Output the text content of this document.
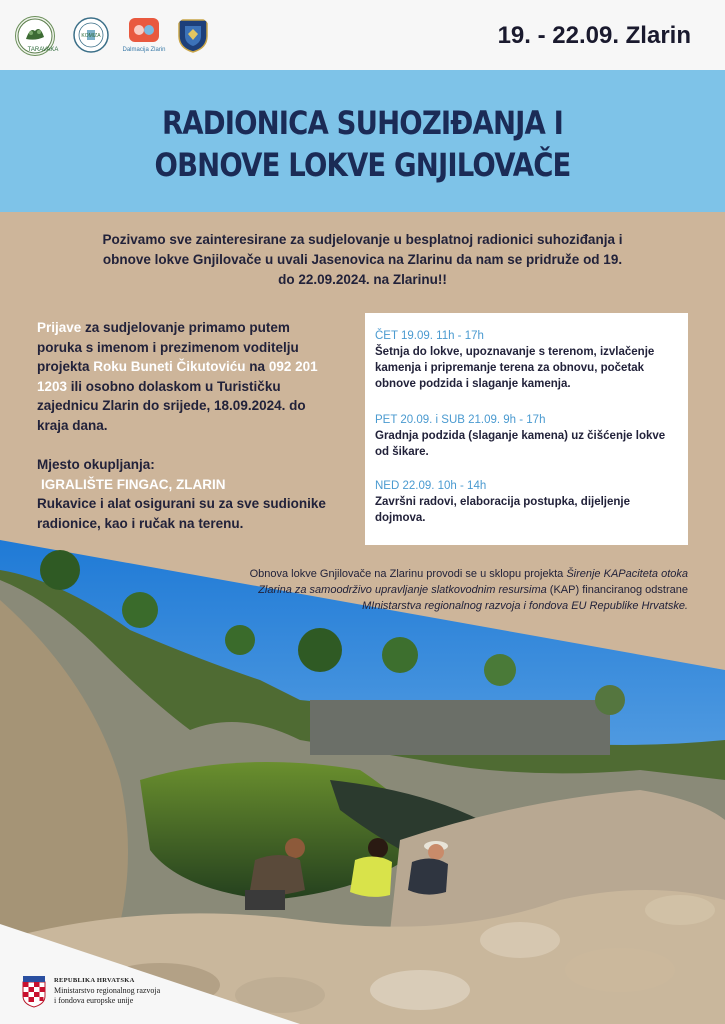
TARAVAKA
KOMIZA
Dalmacija Zlarin
19. - 22.09. Zlarin
RADIONICA SUHOZIĐANJA I
OBNOVE LOKVE GNJILOVAČE
Pozivamo sve zainteresirane za sudjelovanje u besplatnoj radionici suhoziđanja i obnove lokve Gnjilovače u uvali Jasenovica na Zlarinu da nam se pridruže od 19. do 22.09.2024. na Zlarinu!!
Prijave za sudjelovanje primamo putem poruka s imenom i prezimenom voditelju projekta Roku Buneti Čikutoviću na 092 201 1203 ili osobno dolaskom u Turističku zajednicu Zlarin do srijede, 18.09.2024. do kraja dana.
Mjesto okupljanja:
IGRALIŠTE FINGAC, ZLARIN
Rukavice i alat osigurani su za sve sudionike radionice, kao i ručak na terenu.
ČET 19.09. 11h - 17h
Šetnja do lokve, upoznavanje s terenom, izvlačenje kamenja i pripremanje terena za obnovu, početak obnove podzida i slaganje kamenja.
PET 20.09. i SUB 21.09. 9h - 17h
Gradnja podzida (slaganje kamena) uz čišćenje lokve od šikare.
NED 22.09. 10h - 14h
Završni radovi, elaboracija postupka, dijeljenje dojmova.
Obnova lokve Gnjilovače na Zlarinu provodi se u sklopu projekta Širenje KAPaciteta otoka Zlarina za samoodrživo upravljanje slatkovodnim resursima (KAP) financiranog odstrane MInistarstva regionalnog razvoja i fondova EU Republike Hrvatske.
REPUBLIKA HRVATSKA
Ministarstvo regionalnog razvoja
i fondova europske unije
